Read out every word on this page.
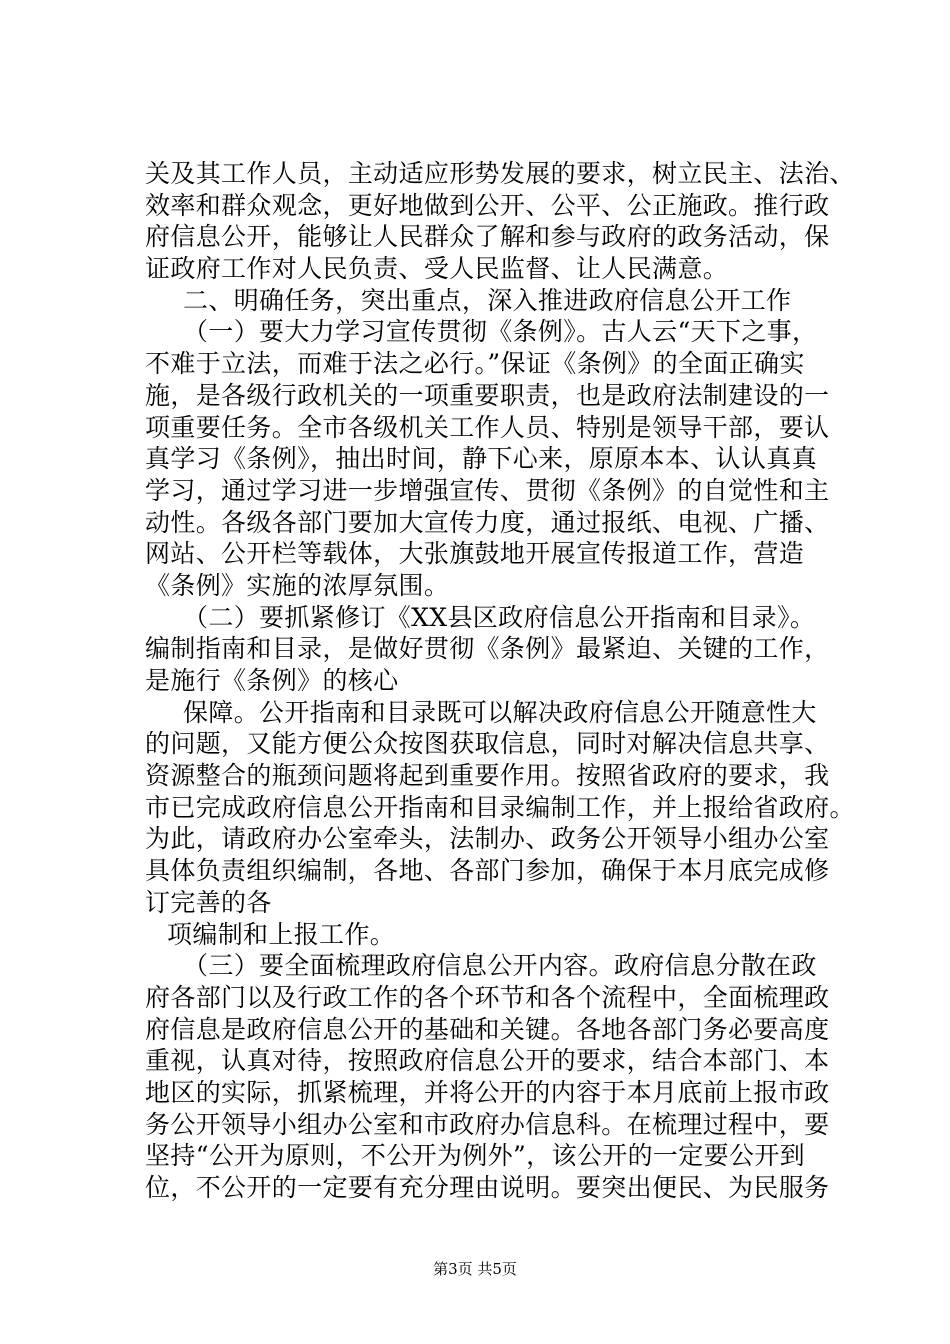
关及其工作人员，主动适应形势发展的要求，树立民主、法治、
效率和群众观念，更好地做到公开、公平、公正施政。推行政
府信息公开，能够让人民群众了解和参与政府的政务活动，保
证政府工作对人民负责、受人民监督、让人民满意。
二、明确任务，突出重点，深入推进政府信息公开工作
（一）要大力学习宣传贯彻《条例》。古人云“天下之事，
不难于立法，而难于法之必行。”保证《条例》的全面正确实
施，是各级行政机关的一项重要职责，也是政府法制建设的一
项重要任务。全市各级机关工作人员、特别是领导干部，要认
真学习《条例》，抽出时间，静下心来，原原本本、认认真真
学习，通过学习进一步增强宣传、贯彻《条例》的自觉性和主
动性。各级各部门要加大宣传力度，通过报纸、电视、广播、
网站、公开栏等载体，大张旗鼓地开展宣传报道工作，营造
《条例》实施的浓厚氛围。
（二）要抓紧修订《XX县区政府信息公开指南和目录》。
编制指南和目录，是做好贯彻《条例》最紧迫、关键的工作，
是施行《条例》的核心
保障。公开指南和目录既可以解决政府信息公开随意性大
的问题，又能方便公众按图获取信息，同时对解决信息共享、
资源整合的瓶颈问题将起到重要作用。按照省政府的要求，我
市已完成政府信息公开指南和目录编制工作，并上报给省政府。
为此，请政府办公室牵头，法制办、政务公开领导小组办公室
具体负责组织编制，各地、各部门参加，确保于本月底完成修
订完善的各
项编制和上报工作。
（三）要全面梳理政府信息公开内容。政府信息分散在政
府各部门以及行政工作的各个环节和各个流程中，全面梳理政
府信息是政府信息公开的基础和关键。各地各部门务必要高度
重视，认真对待，按照政府信息公开的要求，结合本部门、本
地区的实际，抓紧梳理，并将公开的内容于本月底前上报市政
务公开领导小组办公室和市政府办信息科。在梳理过程中，要
坚持“公开为原则，不公开为例外”，该公开的一定要公开到
位，不公开的一定要有充分理由说明。要突出便民、为民服务
第3页 共5页
